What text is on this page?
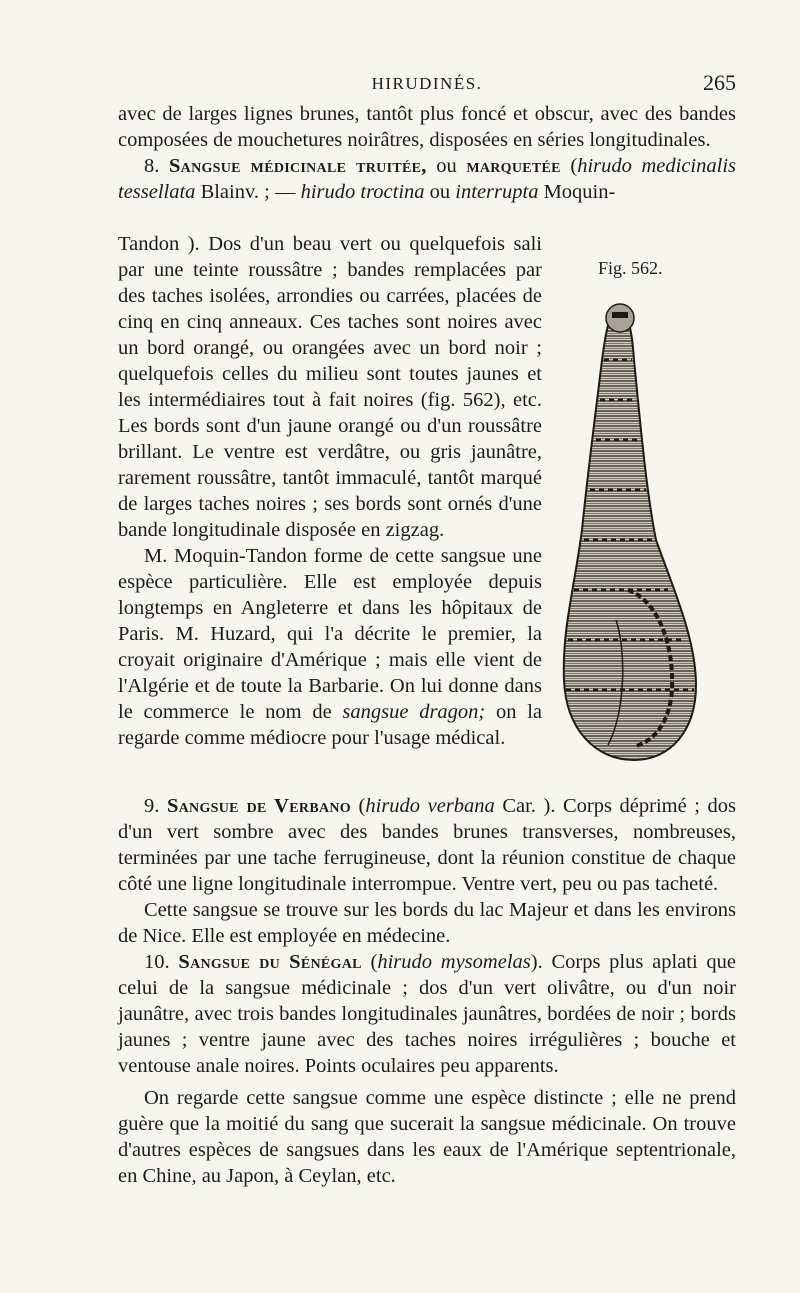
HIRUDINÉS.	265

avec de larges lignes brunes, tantôt plus foncé et obscur, avec des bandes composées de mouchetures noirâtres, disposées en séries longitudinales.

8. Sangsue médicinale truitée, ou marquetée (hirudo medicinalis tessellata Blainv. ; — hirudo troctina ou interrupta Moquin-

Tandon ). Dos d'un beau vert ou quelquefois sali par une teinte roussâtre ; bandes remplacées par des taches isolées, arrondies ou carrées, placées de cinq en cinq anneaux. Ces taches sont noires avec un bord orangé, ou orangées avec un bord noir ; quelquefois celles du milieu sont toutes jaunes et les intermédiaires tout à fait noires (fig. 562), etc. Les bords sont d'un jaune orangé ou d'un roussâtre brillant. Le ventre est verdâtre, ou gris jaunâtre, rarement roussâtre, tantôt immaculé, tantôt marqué de larges taches noires ; ses bords sont ornés d'une bande longitudinale disposée en zigzag.

M. Moquin-Tandon forme de cette sangsue une espèce particulière. Elle est employée depuis longtemps en Angleterre et dans les hôpitaux de Paris. M. Huzard, qui l'a décrite le premier, la croyait originaire d'Amérique ; mais elle vient de l'Algérie et de toute la Barbarie. On lui donne dans le commerce le nom de sangsue dragon; on la regarde comme médiocre pour l'usage médical.

Fig. 562.

9. Sangsue de Verbano (hirudo verbana Car. ). Corps déprimé ; dos d'un vert sombre avec des bandes brunes transverses, nombreuses, terminées par une tache ferrugineuse, dont la réunion constitue de chaque côté une ligne longitudinale interrompue. Ventre vert, peu ou pas tacheté.

Cette sangsue se trouve sur les bords du lac Majeur et dans les environs de Nice. Elle est employée en médecine.

10. Sangsue du Sénégal (hirudo mysomelas). Corps plus aplati que celui de la sangsue médicinale ; dos d'un vert olivâtre, ou d'un noir jaunâtre, avec trois bandes longitudinales jaunâtres, bordées de noir ; bords jaunes ; ventre jaune avec des taches noires irrégulières ; bouche et ventouse anale noires. Points oculaires peu apparents.

On regarde cette sangsue comme une espèce distincte ; elle ne prend guère que la moitié du sang que sucerait la sangsue médicinale. On trouve d'autres espèces de sangsues dans les eaux de l'Amérique septentrionale, en Chine, au Japon, à Ceylan, etc.
